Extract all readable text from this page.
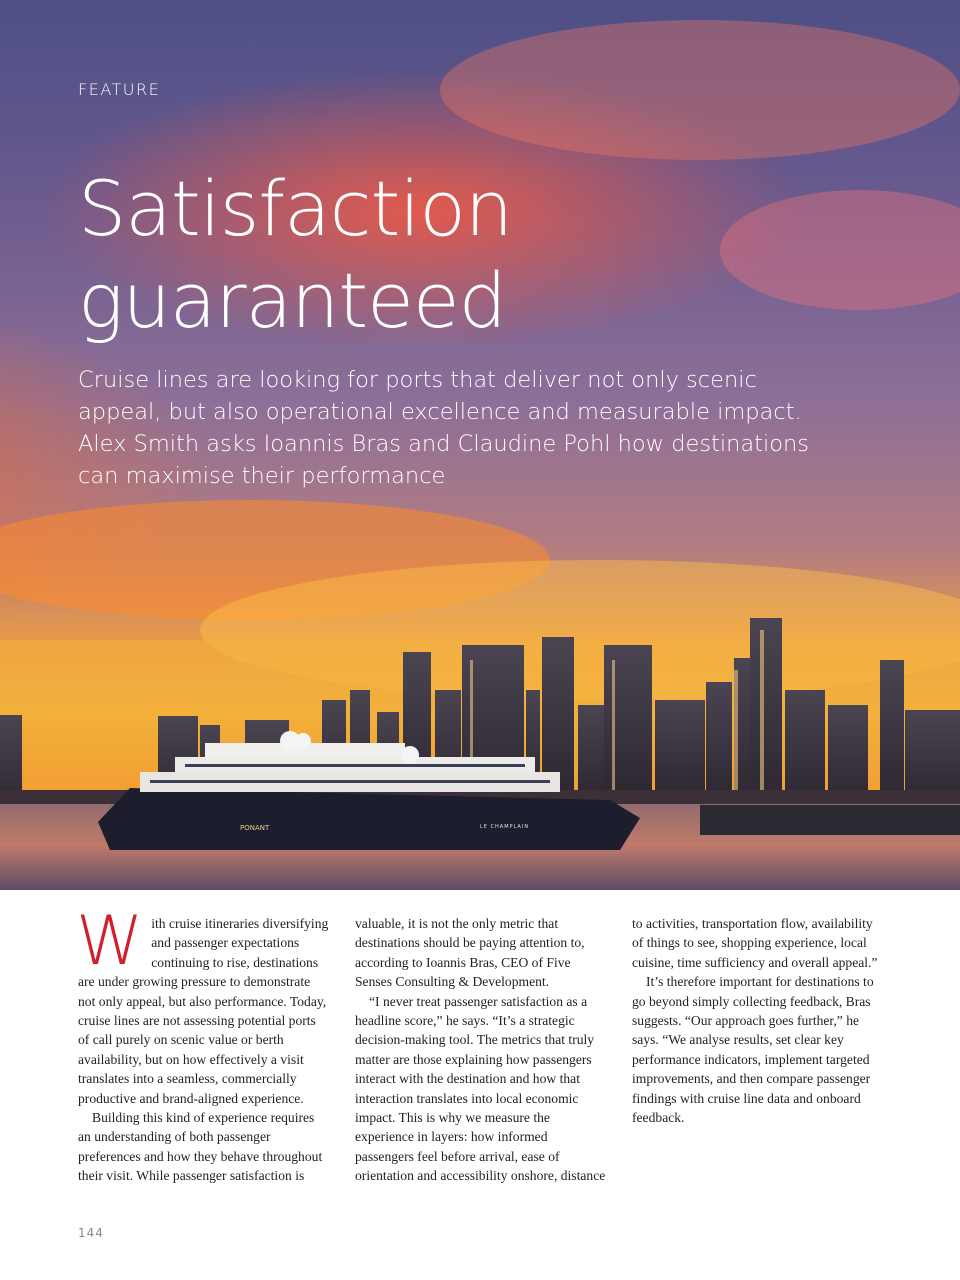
PONANT	LE CHAMPLAIN
FEATURE
Satisfaction
guaranteed

Cruise lines are looking for ports that deliver not only scenic appeal, but also operational excellence and measurable impact. Alex Smith asks Ioannis Bras and Claudine Pohl how destinations can maximise their performance

With cruise itineraries diversifying and passenger expectations continuing to rise, destinations are under growing pressure to demonstrate not only appeal, but also performance. Today, cruise lines are not assessing potential ports of call purely on scenic value or berth availability, but on how effectively a visit translates into a seamless, commercially productive and brand-aligned experience.

Building this kind of experience requires an understanding of both passenger preferences and how they behave throughout their visit. While passenger satisfaction is

valuable, it is not the only metric that destinations should be paying attention to, according to Ioannis Bras, CEO of Five Senses Consulting & Development.

“I never treat passenger satisfaction as a headline score,” he says. “It’s a strategic decision-making tool. The metrics that truly matter are those explaining how passengers interact with the destination and how that interaction translates into local economic impact. This is why we measure the experience in layers: how informed passengers feel before arrival, ease of orientation and accessibility onshore, distance

to activities, transportation flow, availability of things to see, shopping experience, local cuisine, time sufficiency and overall appeal.”

It’s therefore important for destinations to go beyond simply collecting feedback, Bras suggests. “Our approach goes further,” he says. “We analyse results, set clear key performance indicators, implement targeted improvements, and then compare passenger findings with cruise line data and onboard feedback.

144
